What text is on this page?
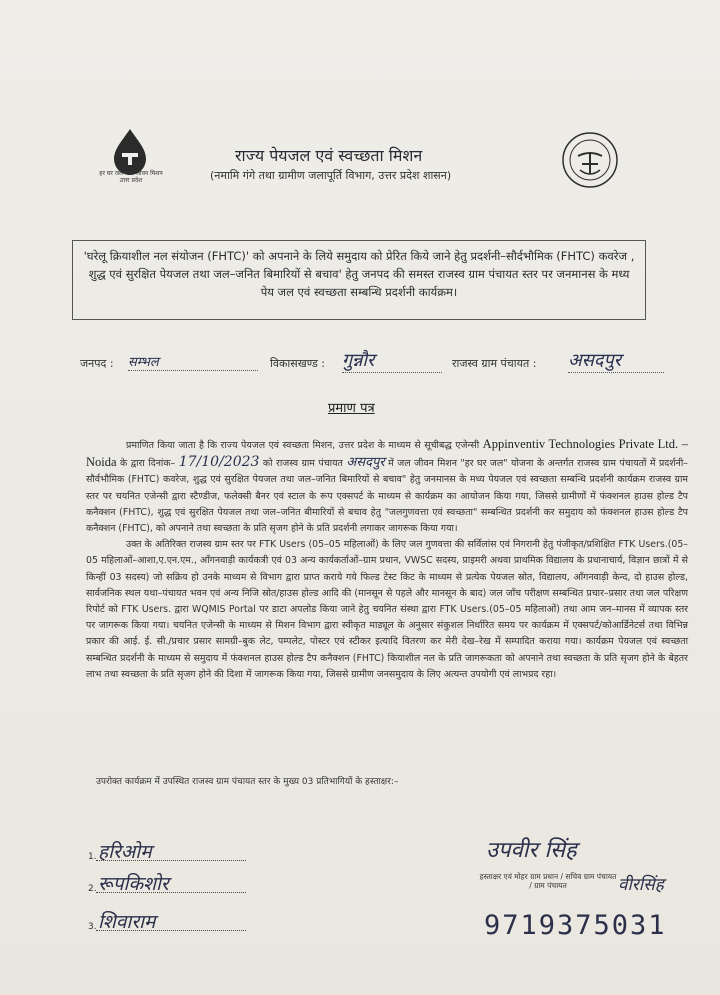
हर घर जल जल जीवन मिशन उत्तर प्रदेश
राज्य पेयजल एवं स्वच्छता मिशन
(नमामि गंगे तथा ग्रामीण जलापूर्ति विभाग, उत्तर प्रदेश शासन)
'घरेलू क्रियाशील नल संयोजन (FHTC)' को अपनाने के लिये समुदाय को प्रेरित किये जाने हेतु प्रदर्शनी–सौर्दभौमिक (FHTC) कवरेज , शुद्ध एवं सुरक्षित पेयजल तथा जल–जनित बिमारियों से बचाव' हेतु जनपद की समस्त राजस्व ग्राम पंचायत स्तर पर जनमानस के मध्य पेय जल एवं स्वच्छता सम्बन्धि प्रदर्शनी कार्यक्रम।
जनपद : सम्भल	विकासखण्ड : गुन्नौर	राजस्व ग्राम पंचायत : असदपुर
प्रमाण पत्र

प्रमाणित किया जाता है कि राज्य पेयजल एवं स्वच्छता मिशन, उत्तर प्रदेश के माध्यम से सूचीबद्ध एजेन्सी Appinventiv Technologies Private Ltd. – Noida के द्वारा दिनांक– 17/10/2023 को राजस्व ग्राम पंचायत असदपुर में जल जीवन मिशन "हर घर जल" योजना के अन्तर्गत राजस्व ग्राम पंचायतों में प्रदर्शनी–सौर्वभौमिक (FHTC) कवरेज, शुद्ध एवं सुरक्षित पेयजल तथा जल–जनित बिमारियों से बचाव" हेतु जनमानस के मध्य पेयजल एवं स्वच्छता सम्बन्धि प्रदर्शनी कार्यक्रम राजस्व ग्राम स्तर पर चयनित एजेन्सी द्वारा स्टैण्डीज, फलेक्सी बैनर एवं स्टाल के रूप एक्सपर्ट के माध्यम से कार्यक्रम का आयोजन किया गया, जिससे ग्रामीणों में फंक्शनल हाउस होल्ड टैप कनैक्शन (FHTC), शुद्ध एवं सुरक्षित पेयजल तथा जल–जनित बीमारियों से बचाव हेतु "जलगुणवत्ता एवं स्वच्छता" सम्बन्धित प्रदर्शनी कर समुदाय को फंक्शनल हाउस होल्ड टैप कनैक्शन (FHTC), को अपनाने तथा स्वच्छता के प्रति सृजग होने के प्रति प्रदर्शनी लगाकर जागरूक किया गया।

उक्त के अतिरिक्त राजस्व ग्राम स्तर पर FTK Users (05–05 महिलाओं) के लिए जल गुणवत्ता की सर्विलांस एवं निगरानी हेतु पंजीकृत/प्रशिक्षित FTK Users.(05–05 महिलाओं–आशा,ए.एन.एम., आँगनवाड़ी कार्यकत्री एवं 03 अन्य कार्यकर्ताओं–ग्राम प्रधान, VWSC सदस्य, प्राइमरी अथवा प्राथमिक विद्यालय के प्रधानाचार्य, विज्ञान छात्रों में से किन्हीं 03 सदस्य) जो सक्रिय हो उनके माध्यम से विभाग द्वारा प्राप्त कराये गये फिल्ड टेस्ट किट के माध्यम से प्रत्येक पेयजल स्रोत, विद्यालय, आँगनवाड़ी केन्द, दो हाउस होल्ड, सार्वजनिक स्थल यथा–पंचायत भवन एवं अन्य निजि स्रोत/हाउस होल्ड आदि की (मानसून से पहले और मानसून के बाद) जल जाँच परीक्षण सम्बन्धित प्रचार–प्रसार तथा जल परिक्षण रिपोर्ट को FTK Users. द्वारा WQMIS Portal पर डाटा अपलोड किया जाने हेतु चयनित संस्था द्वारा FTK Users.(05–05 महिलाओं) तथा आम जन–मानस में व्यापक स्तर पर जागरूक किया गया। चयनित एजेन्सी के माध्यम से मिशन विभाग द्वारा स्वीकृत माड्यूल के अनुसार संकुशल निर्धारित समय पर कार्यक्रम में एक्सपर्ट/कोआर्डिनेटर्स तथा विभिन्न प्रकार की आई. ई. सी./प्रचार प्रसार सामग्री–बुक लेट, पम्पलेट, पोस्टर एवं स्टीकर इत्यादि वितरण कर मेरी देख–रेख में सम्पादित कराया गया। कार्यक्रम पेयजल एवं स्वच्छता सम्बन्धित प्रदर्शनी के माध्यम से समुदाय में फंक्शनल हाउस होल्ड टैप कनैक्शन (FHTC) कियाशील नल के प्रति जागरूकता को अपनाने तथा स्वच्छता के प्रति सृजग होने के बेहतर लाभ तथा स्वच्छता के प्रति सृजग होने की दिशा में जागरूक किया गया, जिससे ग्रामीण जनसमुदाय के लिए अत्यन्त उपयोगी एवं लाभप्रद रहा।

उपरोक्त कार्यक्रम में उपस्थित राजस्व ग्राम पंचायत स्तर के मुख्य 03 प्रतिभागियों के हस्ताक्षर:–
1. हरिओम
2. रूपकिशोर
3. शिवाराम
उपवीर सिंह
वीरसिंह
हस्ताक्षर एवं मोहर ग्राम प्रधान / सचिव ग्राम पंचायत / ग्राम पंचायत
9719375031
